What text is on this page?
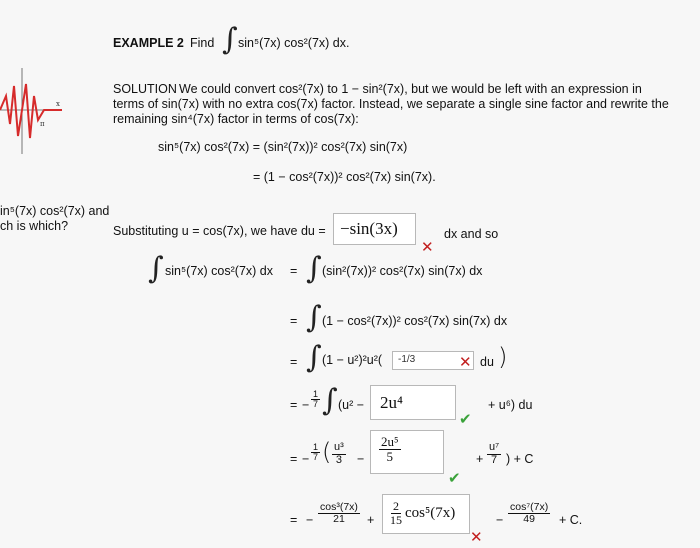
π
x
EXAMPLE 2 Find ∫ sin⁵(7x) cos²(7x) dx.
in⁵(7x) cos²(7x) and
ch is which?
SOLUTION We could convert cos²(7x) to 1 − sin²(7x), but we would be left with an expression in
terms of sin(7x) with no extra cos(7x) factor. Instead, we separate a single sine factor and rewrite the
remaining sin⁴(7x) factor in terms of cos(7x):
sin⁵(7x) cos²(7x) = (sin²(7x))² cos²(7x) sin(7x)
= (1 − cos²(7x))² cos²(7x) sin(7x).
Substituting u = cos(7x), we have du = −sin(3x)
✕
dx and so
∫ sin⁵(7x) cos²(7x) dx = ∫ (sin²(7x))² cos²(7x) sin(7x) dx
= ∫ (1 − cos²(7x))² cos²(7x) sin(7x) dx
= ∫ (1 − u²)²u²( -1/3	✕ du )
= − $\frac{1}{7}$ ∫ (u² − 2u⁴
✔
+ u⁶) du
= − $\frac{1}{7}$ ( $\frac{\text{u³}}{3} - \frac{\text{2u⁵}}{5}$
✔
+ $\frac{\text{u⁷}}{7}$ ) + C
= − $\frac{\text{cos³(7x)}}{21} + \frac{2}{15} \cos^5(7x)$
✕
− $\frac{\text{cos⁷(7x)}}{49} + C$.
